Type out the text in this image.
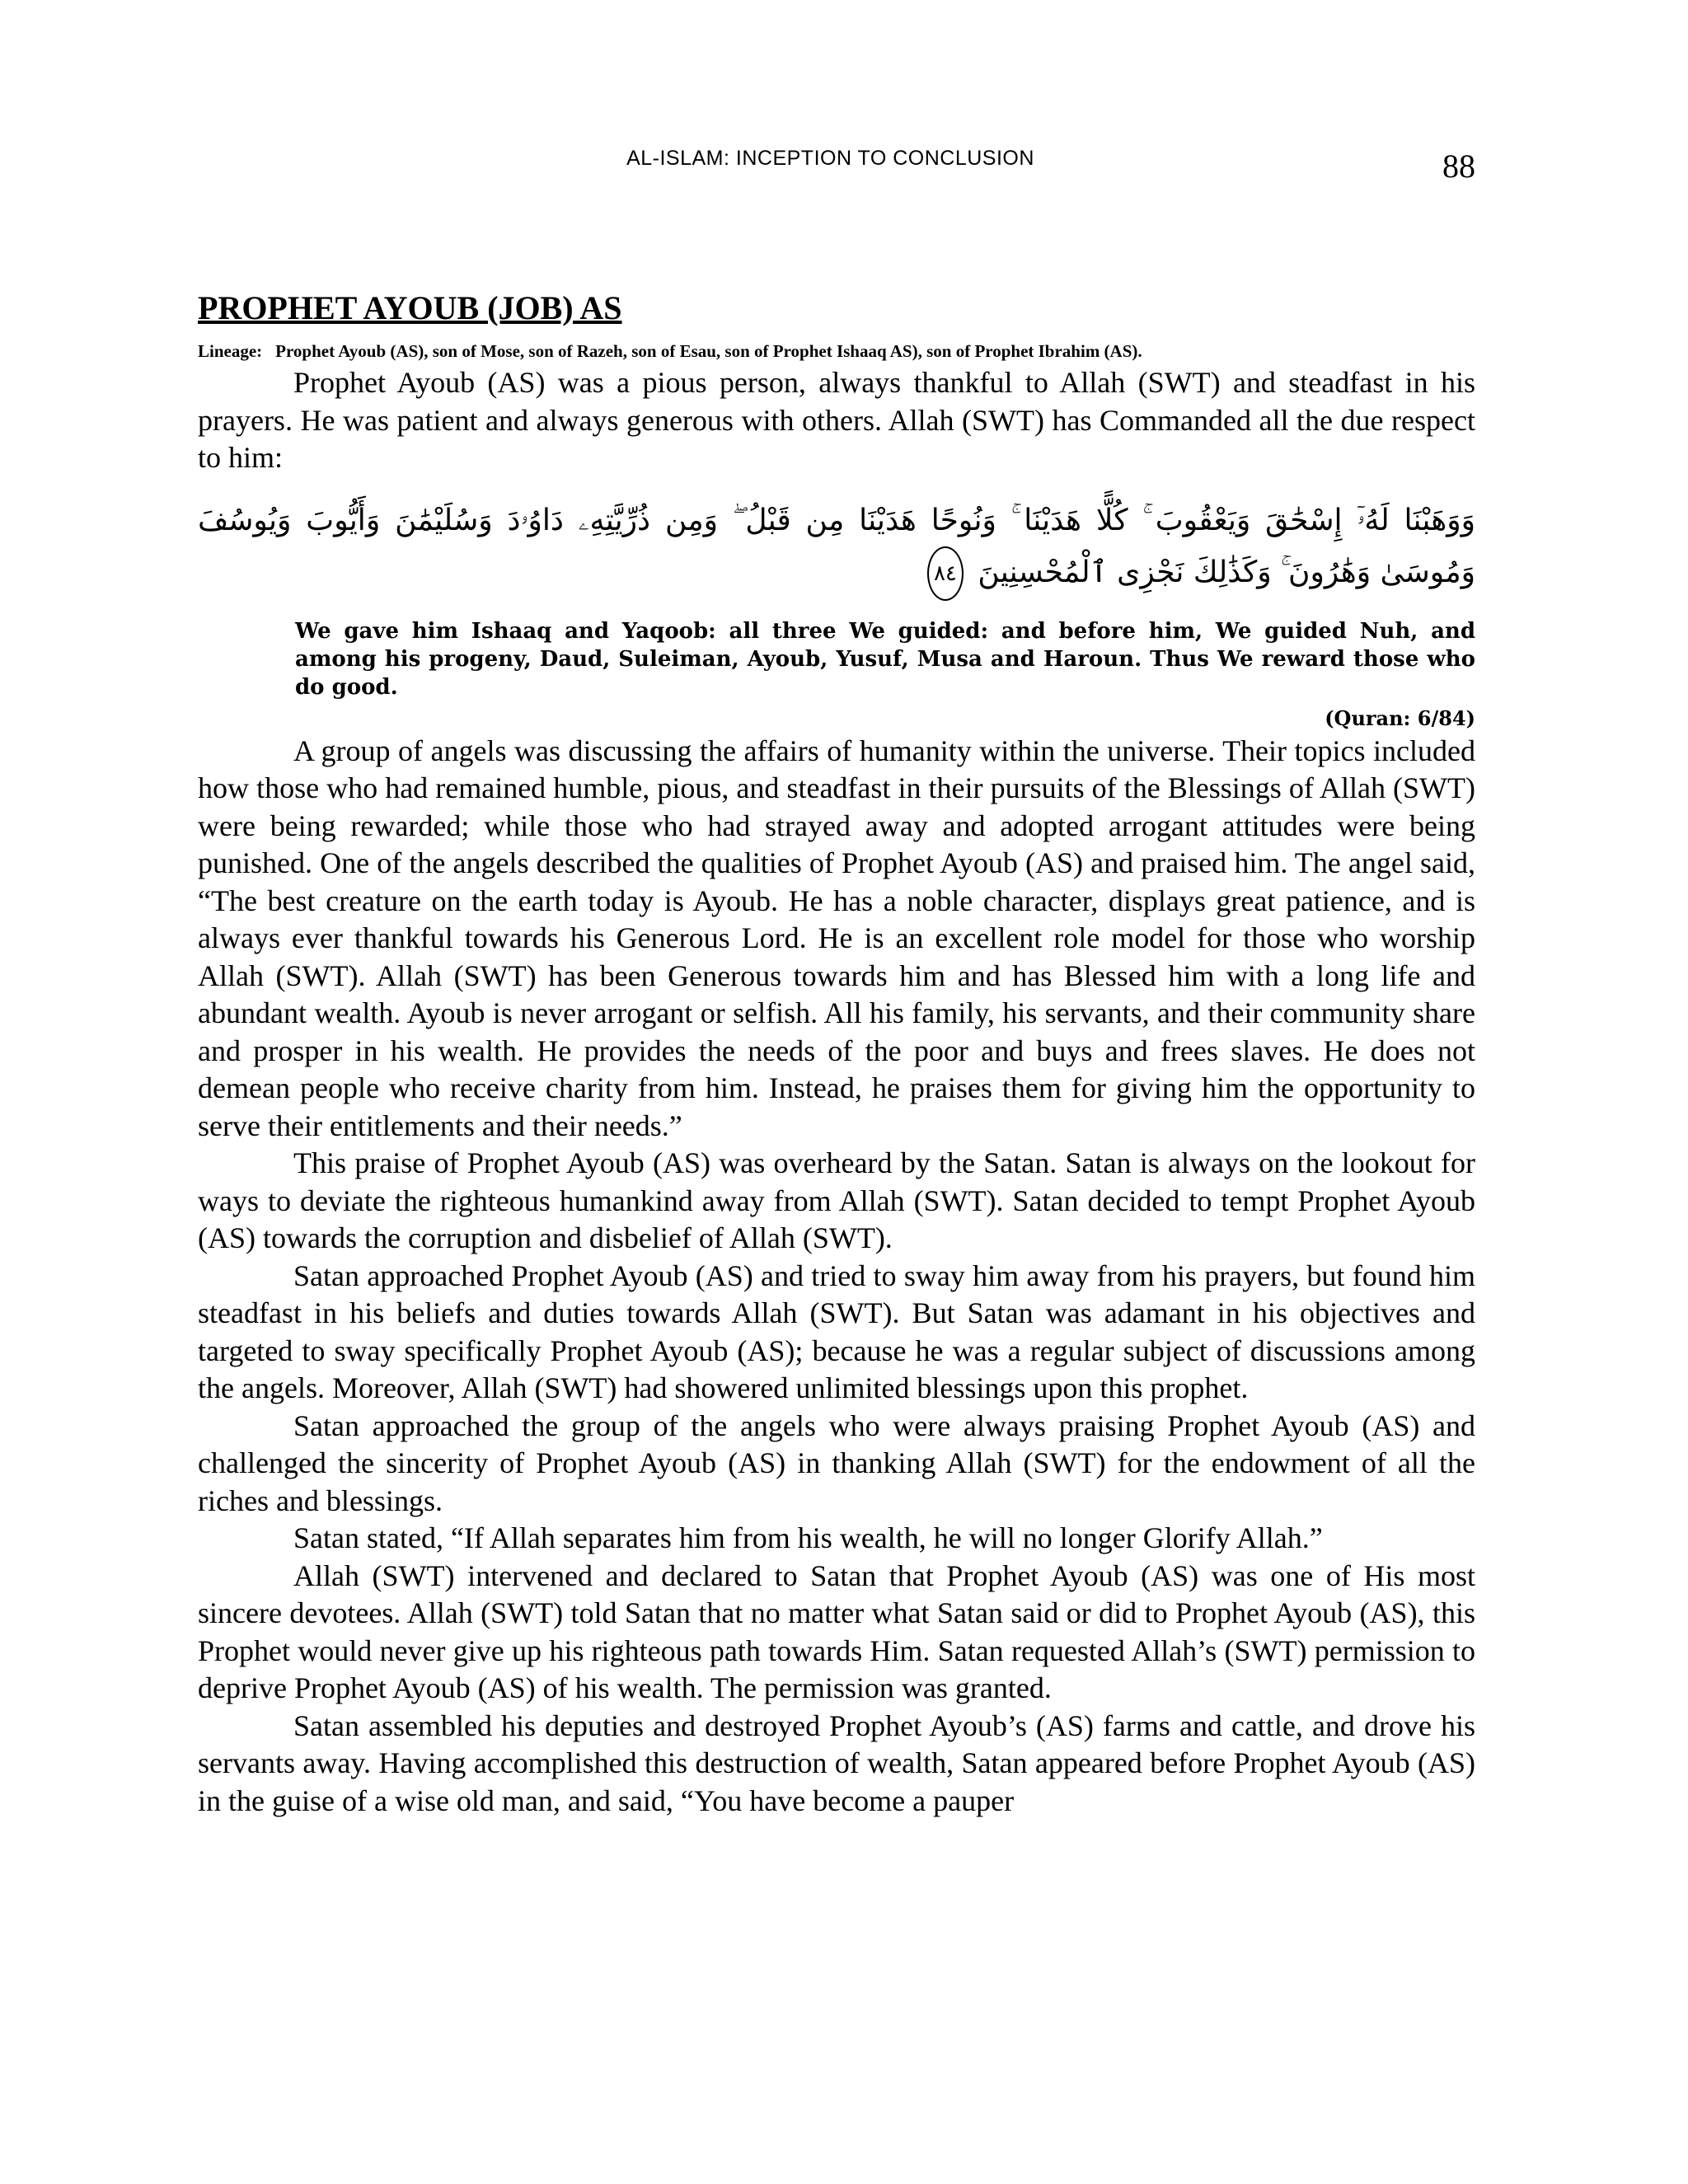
AL-ISLAM: INCEPTION TO CONCLUSION	88
PROPHET AYOUB (JOB) AS
Lineage: Prophet Ayoub (AS), son of Mose, son of Razeh, son of Esau, son of Prophet Ishaaq AS), son of Prophet Ibrahim (AS).

Prophet Ayoub (AS) was a pious person, always thankful to Allah (SWT) and steadfast in his prayers. He was patient and always generous with others. Allah (SWT) has Commanded all the due respect to him:

وَوَهَبْنَا لَهُۥٓ إِسْحَٰقَ وَيَعْقُوبَ ۚ كُلًّا هَدَيْنَا ۚ وَنُوحًا هَدَيْنَا مِن قَبْلُ ۖ وَمِن ذُرِّيَّتِهِۦ دَاوُۥدَ وَسُلَيْمَٰنَ وَأَيُّوبَ وَيُوسُفَ وَمُوسَىٰ وَهَٰرُونَ ۚ وَكَذَٰلِكَ نَجْزِى ٱلْمُحْسِنِينَ ٨٤
We gave him Ishaaq and Yaqoob: all three We guided: and before him, We guided Nuh, and among his progeny, Daud, Suleiman, Ayoub, Yusuf, Musa and Haroun. Thus We reward those who do good.
(Quran: 6/84)

A group of angels was discussing the affairs of humanity within the universe. Their topics included how those who had remained humble, pious, and steadfast in their pursuits of the Blessings of Allah (SWT) were being rewarded; while those who had strayed away and adopted arrogant attitudes were being punished. One of the angels described the qualities of Prophet Ayoub (AS) and praised him. The angel said, “The best creature on the earth today is Ayoub. He has a noble character, displays great patience, and is always ever thankful towards his Generous Lord. He is an excellent role model for those who worship Allah (SWT). Allah (SWT) has been Generous towards him and has Blessed him with a long life and abundant wealth. Ayoub is never arrogant or selfish. All his family, his servants, and their community share and prosper in his wealth. He provides the needs of the poor and buys and frees slaves. He does not demean people who receive charity from him. Instead, he praises them for giving him the opportunity to serve their entitlements and their needs.”

This praise of Prophet Ayoub (AS) was overheard by the Satan. Satan is always on the lookout for ways to deviate the righteous humankind away from Allah (SWT). Satan decided to tempt Prophet Ayoub (AS) towards the corruption and disbelief of Allah (SWT).

Satan approached Prophet Ayoub (AS) and tried to sway him away from his prayers, but found him steadfast in his beliefs and duties towards Allah (SWT). But Satan was adamant in his objectives and targeted to sway specifically Prophet Ayoub (AS); because he was a regular subject of discussions among the angels. Moreover, Allah (SWT) had showered unlimited blessings upon this prophet.

Satan approached the group of the angels who were always praising Prophet Ayoub (AS) and challenged the sincerity of Prophet Ayoub (AS) in thanking Allah (SWT) for the endowment of all the riches and blessings.

Satan stated, “If Allah separates him from his wealth, he will no longer Glorify Allah.”

Allah (SWT) intervened and declared to Satan that Prophet Ayoub (AS) was one of His most sincere devotees. Allah (SWT) told Satan that no matter what Satan said or did to Prophet Ayoub (AS), this Prophet would never give up his righteous path towards Him. Satan requested Allah’s (SWT) permission to deprive Prophet Ayoub (AS) of his wealth. The permission was granted.

Satan assembled his deputies and destroyed Prophet Ayoub’s (AS) farms and cattle, and drove his servants away. Having accomplished this destruction of wealth, Satan appeared before Prophet Ayoub (AS) in the guise of a wise old man, and said, “You have become a pauper
